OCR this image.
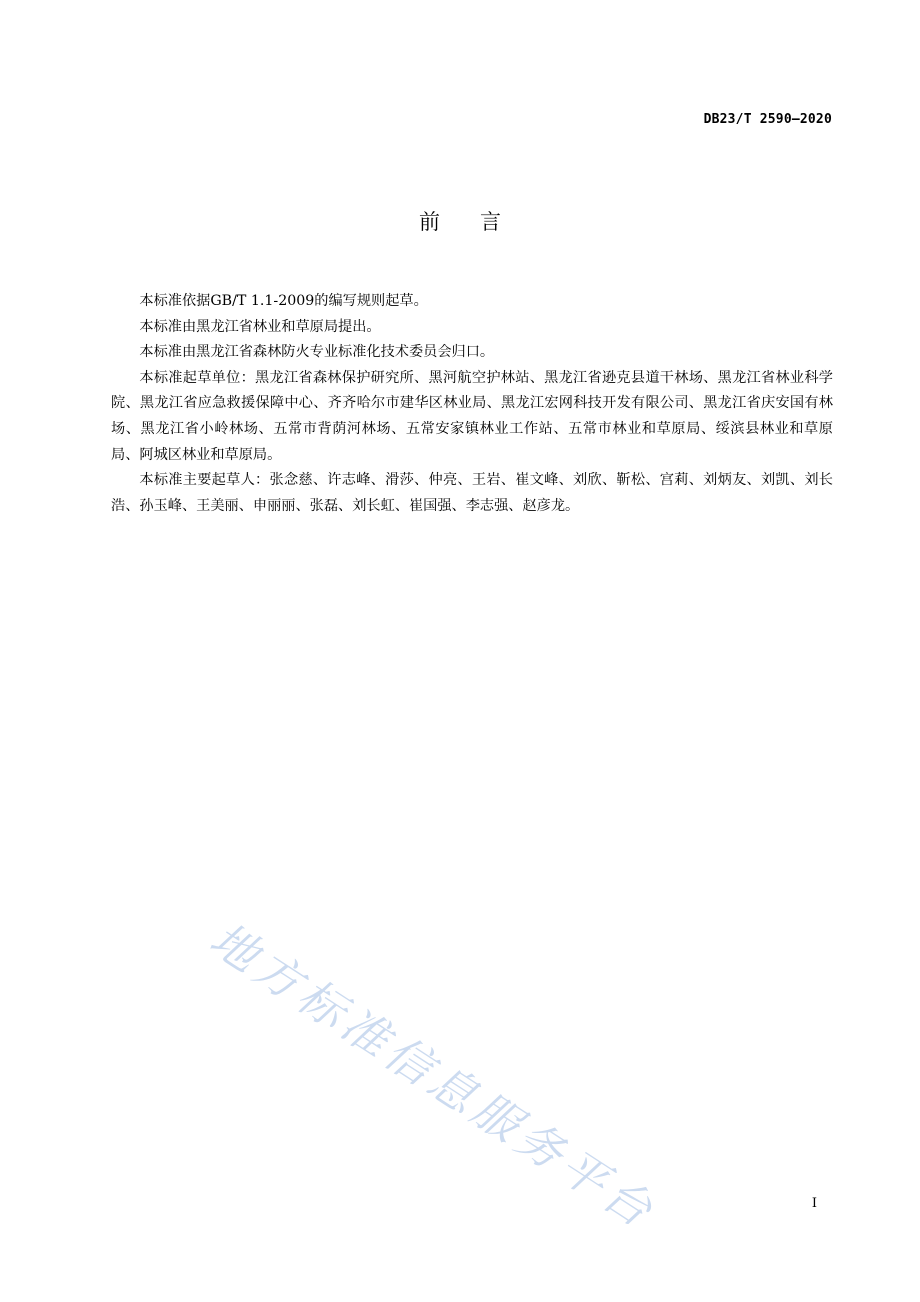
DB23/T 2590—2020
前言

本标准依据GB/T 1.1-2009的编写规则起草。

本标准由黑龙江省林业和草原局提出。

本标准由黑龙江省森林防火专业标准化技术委员会归口。

本标准起草单位：黑龙江省森林保护研究所、黑河航空护林站、黑龙江省逊克县道干林场、黑龙江省林业科学院、黑龙江省应急救援保障中心、齐齐哈尔市建华区林业局、黑龙江宏网科技开发有限公司、黑龙江省庆安国有林场、黑龙江省小岭林场、五常市背荫河林场、五常安家镇林业工作站、五常市林业和草原局、绥滨县林业和草原局、阿城区林业和草原局。

本标准主要起草人：张念慈、许志峰、滑莎、仲亮、王岩、崔文峰、刘欣、靳松、宫莉、刘炳友、刘凯、刘长浩、孙玉峰、王美丽、申丽丽、张磊、刘长虹、崔国强、李志强、赵彦龙。

地方标准信息服务平台	I
